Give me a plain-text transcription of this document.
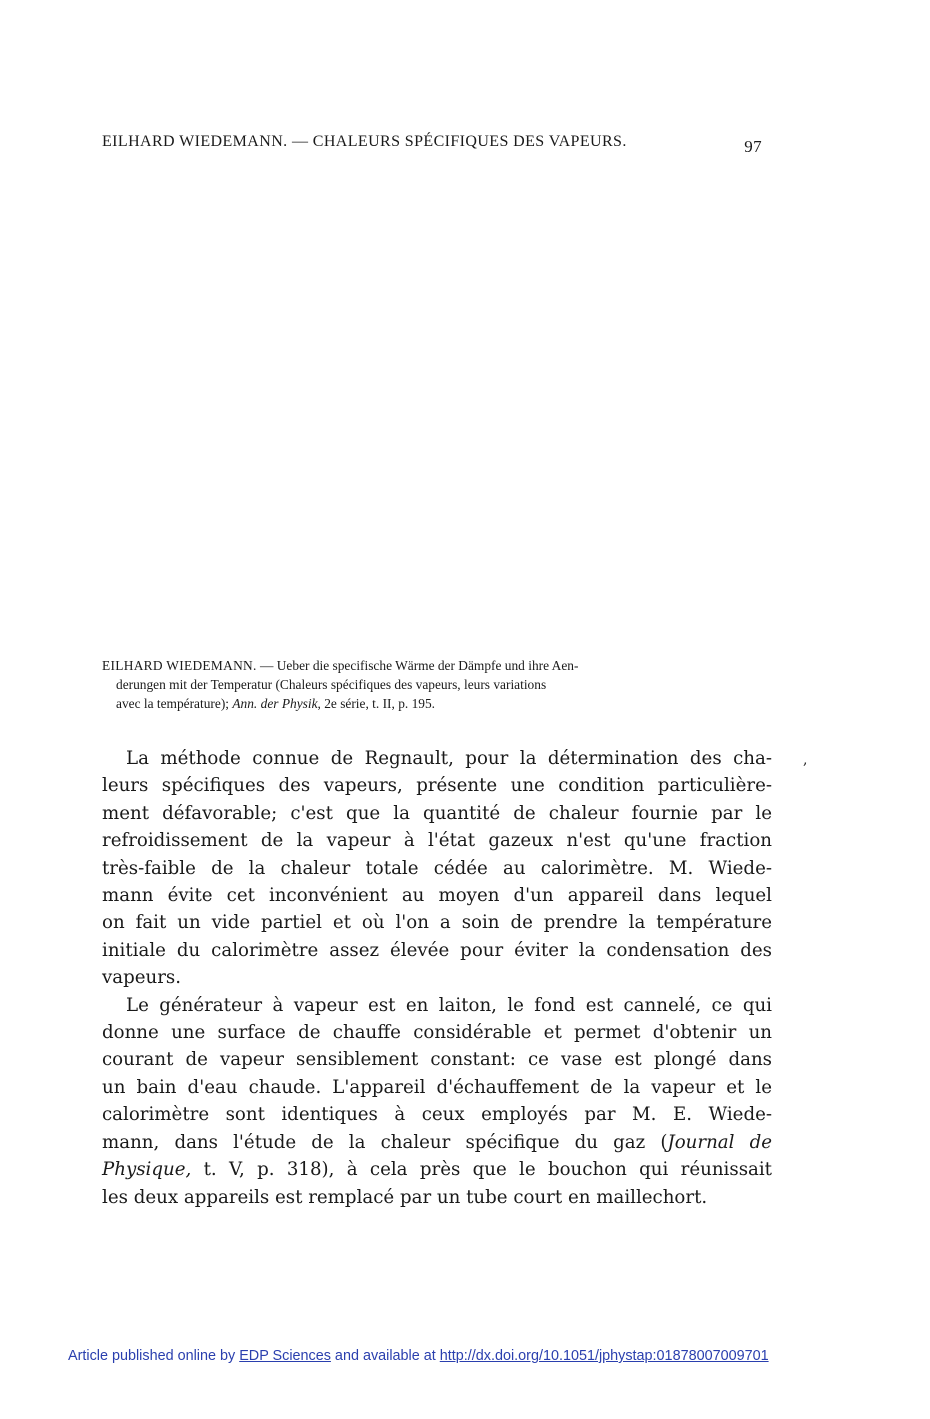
EILHARD WIEDEMANN. — CHALEURS SPÉCIFIQUES DES VAPEURS.	97
EILHARD WIEDEMANN. — Ueber die specifische Wärme der Dämpfe und ihre Aen-
derungen mit der Temperatur (Chaleurs spécifiques des vapeurs, leurs variations
avec la température); Ann. der Physik, 2e série, t. II, p. 195.
,
La méthode connue de Regnault, pour la détermination des cha-
leurs spécifiques des vapeurs, présente une condition particulière-
ment défavorable; c'est que la quantité de chaleur fournie par le
refroidissement de la vapeur à l'état gazeux n'est qu'une fraction
très-faible de la chaleur totale cédée au calorimètre. M. Wiede-
mann évite cet inconvénient au moyen d'un appareil dans lequel
on fait un vide partiel et où l'on a soin de prendre la température
initiale du calorimètre assez élevée pour éviter la condensation des
vapeurs.
Le générateur à vapeur est en laiton, le fond est cannelé, ce qui
donne une surface de chauffe considérable et permet d'obtenir un
courant de vapeur sensiblement constant: ce vase est plongé dans
un bain d'eau chaude. L'appareil d'échauffement de la vapeur et le
calorimètre sont identiques à ceux employés par M. E. Wiede-
mann, dans l'étude de la chaleur spécifique du gaz (Journal de
Physique, t. V, p. 318), à cela près que le bouchon qui réunissait
les deux appareils est remplacé par un tube court en maillechort.
Article published online by EDP Sciences and available at http://dx.doi.org/10.1051/jphystap:01878007009701
